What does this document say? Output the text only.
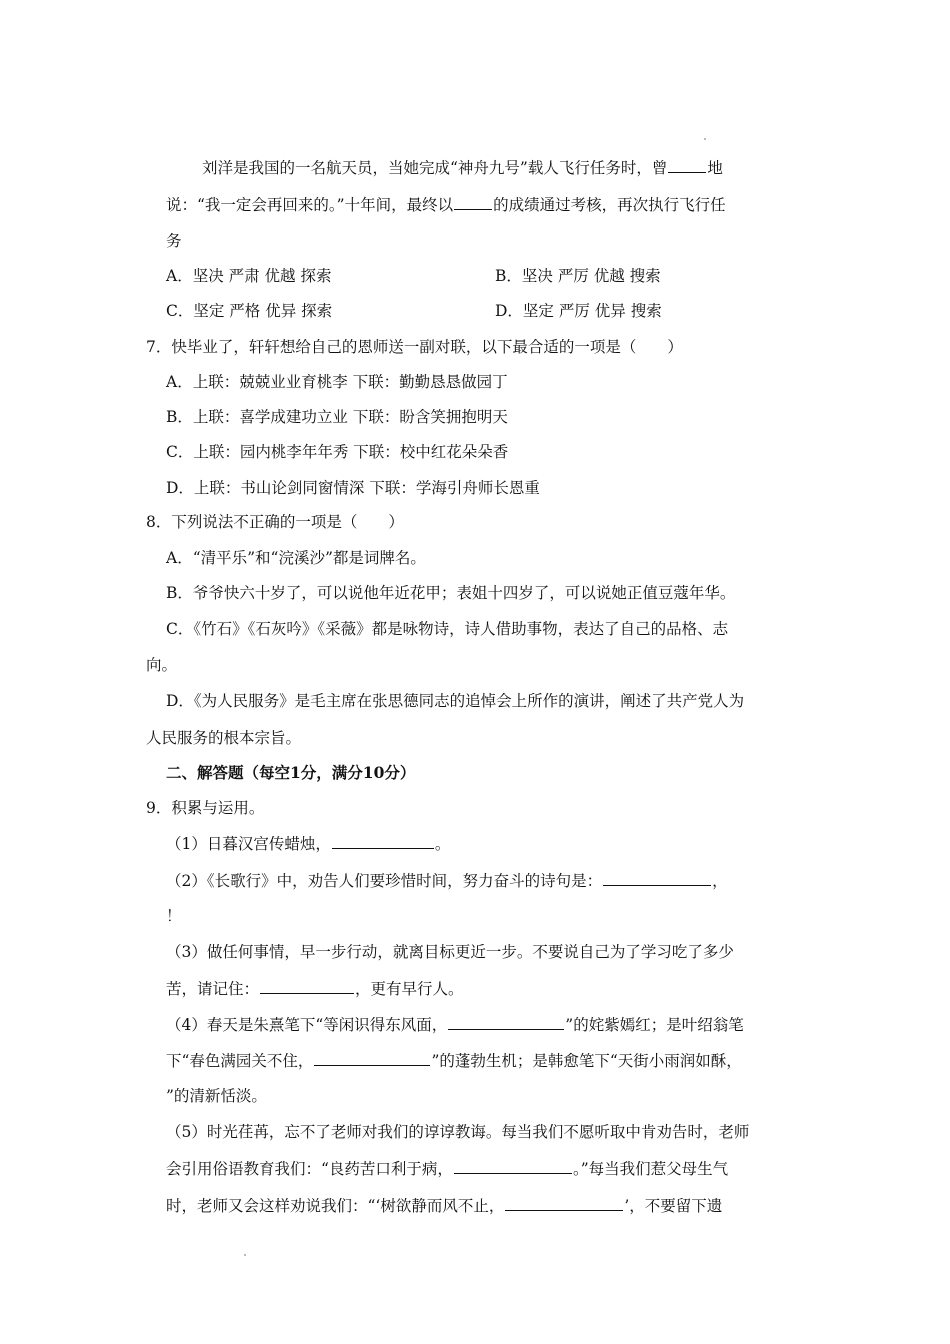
刘洋是我国的一名航天员，当她完成“神舟九号”载人飞行任务时，曾	地
说：“我一定会再回来的。”十年间，最终以	的成绩通过考核，再次执行飞行任
务
A．坚决 严肃 优越 探索	B．坚决 严厉 优越 搜索
C．坚定 严格 优异 探索	D．坚定 严厉 优异 搜索
7．快毕业了，轩轩想给自己的恩师送一副对联，以下最合适的一项是（　　）
A．上联：兢兢业业育桃李 下联：勤勤恳恳做园丁
B．上联：喜学成建功立业 下联：盼含笑拥抱明天
C．上联：园内桃李年年秀 下联：校中红花朵朵香
D．上联：书山论剑同窗情深 下联：学海引舟师长恩重
8．下列说法不正确的一项是（　　）
A．“清平乐”和“浣溪沙”都是词牌名。
B．爷爷快六十岁了，可以说他年近花甲；表姐十四岁了，可以说她正值豆蔻年华。
C．《竹石》《石灰吟》《采薇》都是咏物诗，诗人借助事物，表达了自己的品格、志
向。
D．《为人民服务》是毛主席在张思德同志的追悼会上所作的演讲，阐述了共产党人为
人民服务的根本宗旨。
二、解答题（每空1分，满分10分）
9．积累与运用。
（1）日暮汉宫传蜡烛，	。
（2）《长歌行》中，劝告人们要珍惜时间，努力奋斗的诗句是：	，
！
（3）做任何事情，早一步行动，就离目标更近一步。不要说自己为了学习吃了多少
苦，请记住：	，更有早行人。
（4）春天是朱熹笔下“等闲识得东风面，	”的姹紫嫣红；是叶绍翁笔
下“春色满园关不住，	”的蓬勃生机；是韩愈笔下“天街小雨润如酥，
”的清新恬淡。
（5）时光荏苒，忘不了老师对我们的谆谆教诲。每当我们不愿听取中肯劝告时，老师
会引用俗语教育我们：“良药苦口利于病，	。”每当我们惹父母生气
时，老师又会这样劝说我们：“‘树欲静而风不止，	’，不要留下遗
